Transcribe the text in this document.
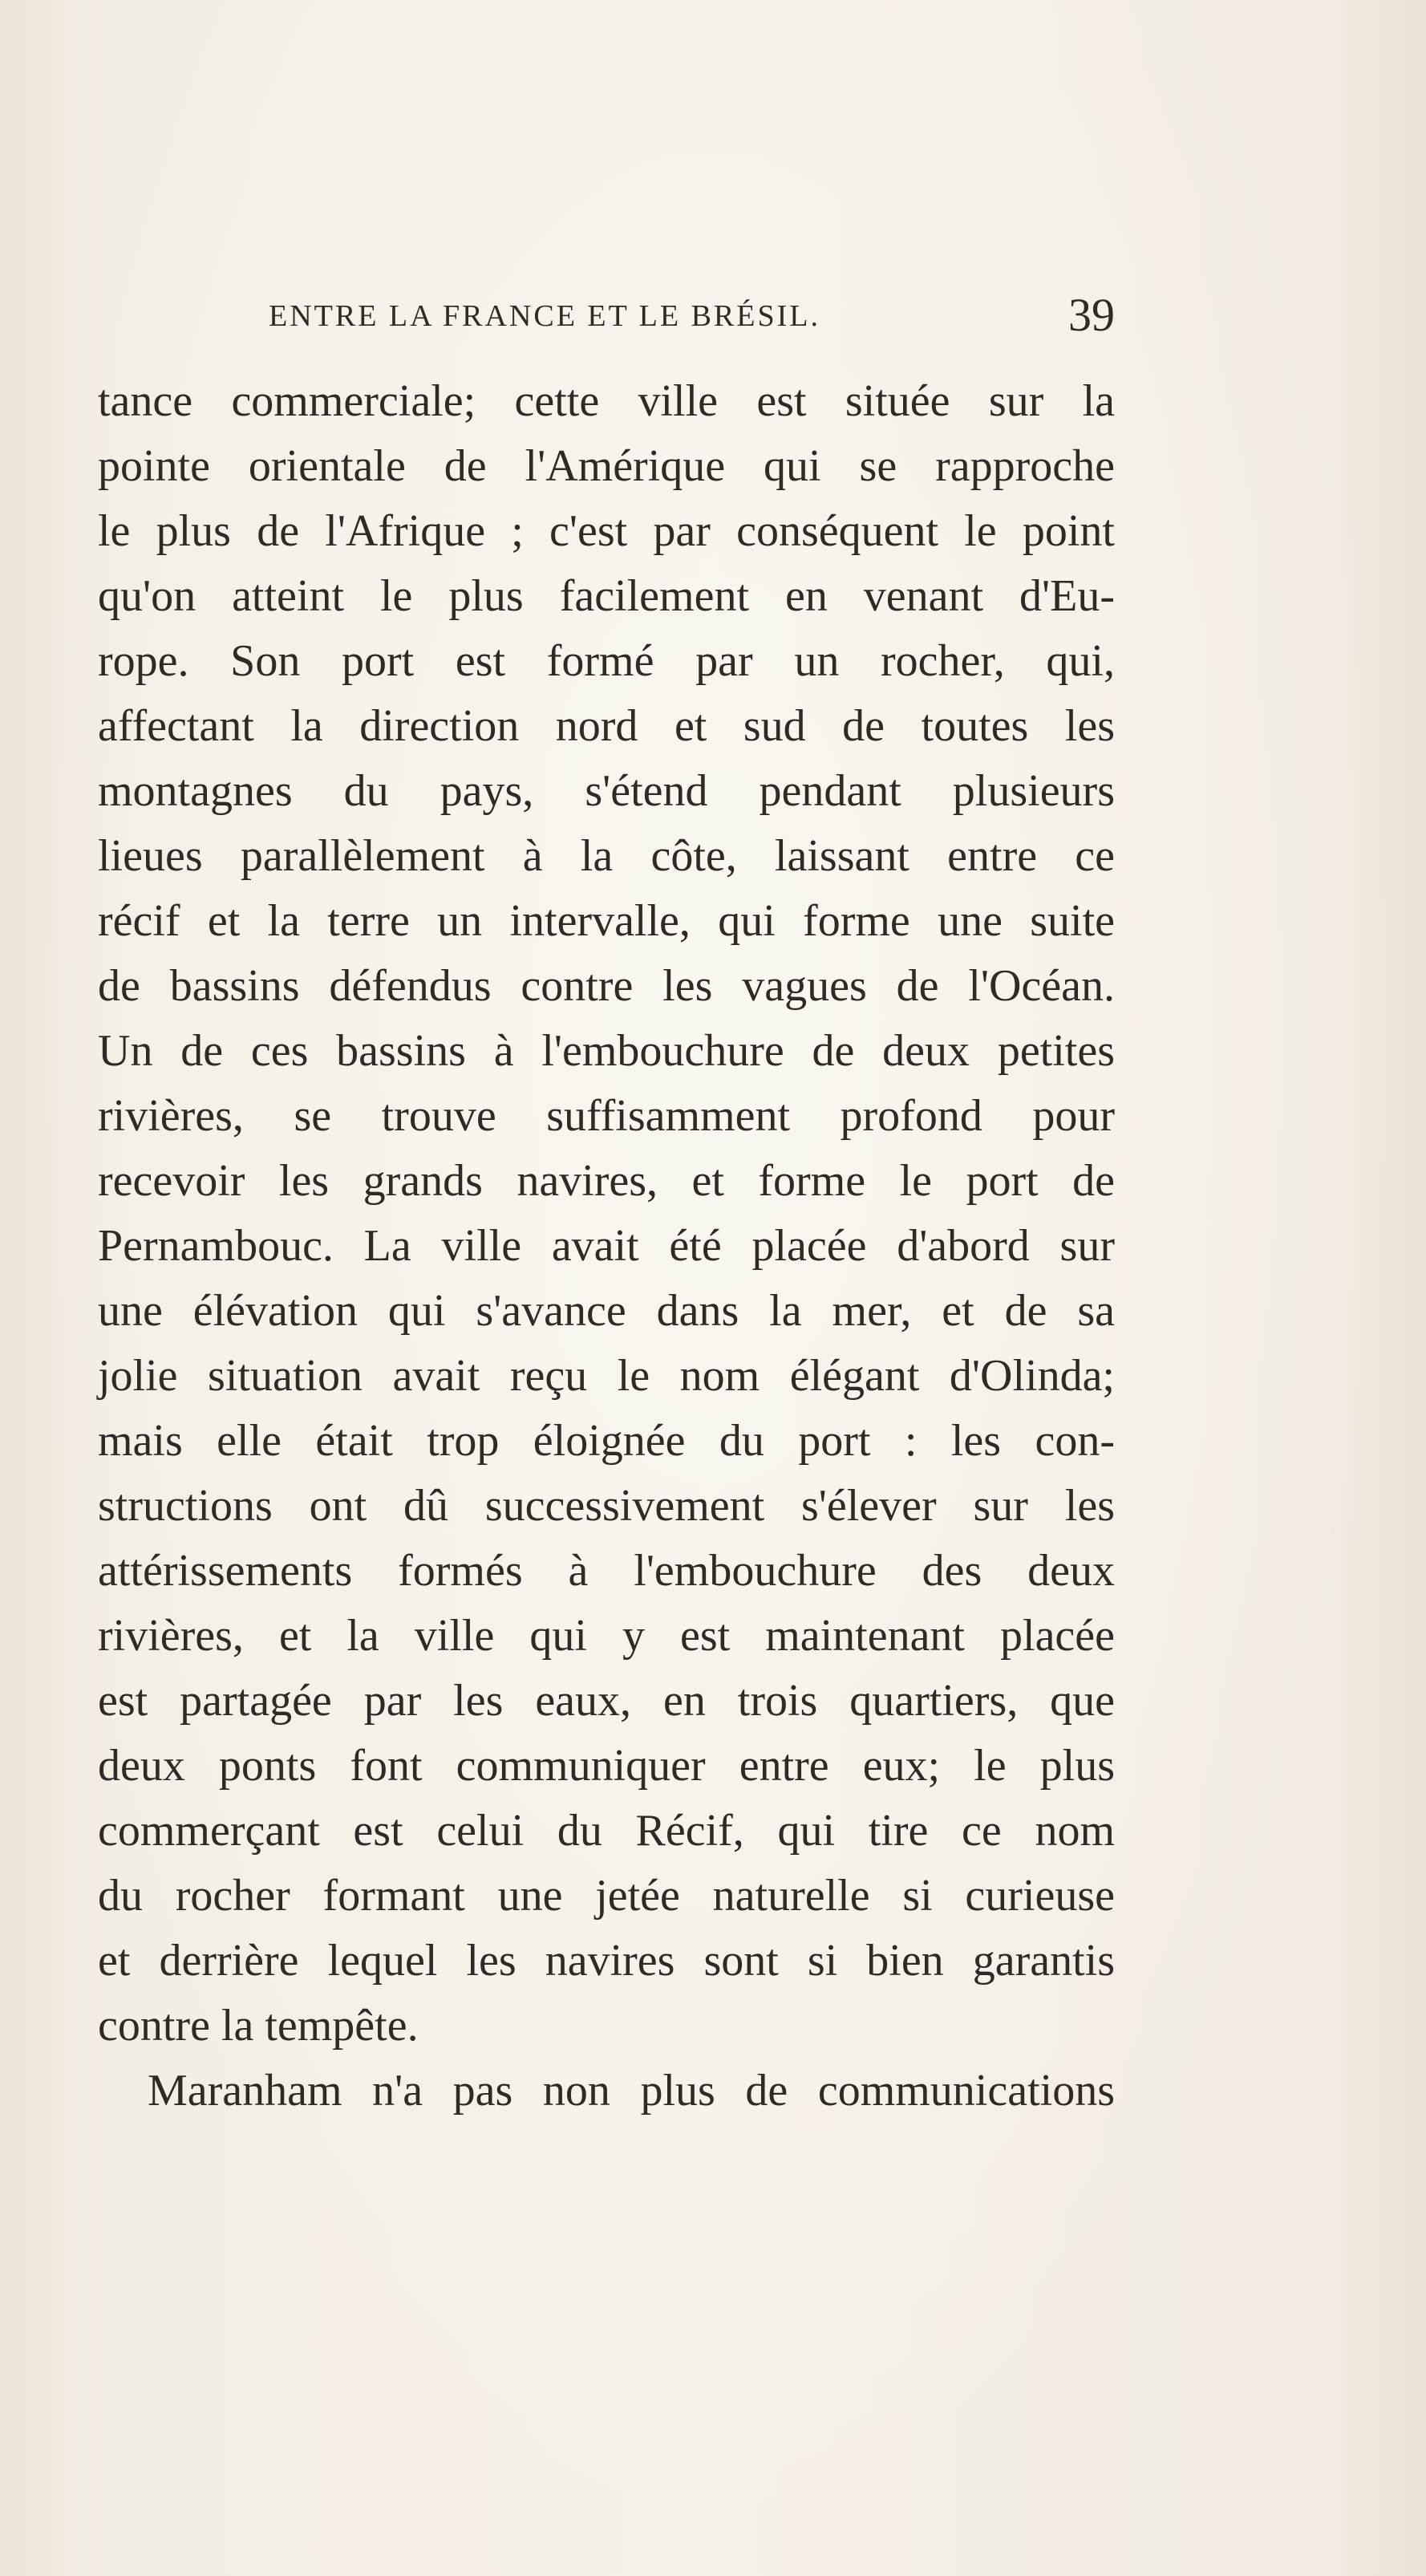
ENTRE LA FRANCE ET LE BRÉSIL.	39
tance commerciale; cette ville est située sur la
pointe orientale de l'Amérique qui se rapproche
le plus de l'Afrique ; c'est par conséquent le point
qu'on atteint le plus facilement en venant d'Eu-
rope. Son port est formé par un rocher, qui,
affectant la direction nord et sud de toutes les
montagnes du pays, s'étend pendant plusieurs
lieues parallèlement à la côte, laissant entre ce
récif et la terre un intervalle, qui forme une suite
de bassins défendus contre les vagues de l'Océan.
Un de ces bassins à l'embouchure de deux petites
rivières, se trouve suffisamment profond pour
recevoir les grands navires, et forme le port de
Pernambouc. La ville avait été placée d'abord sur
une élévation qui s'avance dans la mer, et de sa
jolie situation avait reçu le nom élégant d'Olinda;
mais elle était trop éloignée du port : les con-
structions ont dû successivement s'élever sur les
attérissements formés à l'embouchure des deux
rivières, et la ville qui y est maintenant placée
est partagée par les eaux, en trois quartiers, que
deux ponts font communiquer entre eux; le plus
commerçant est celui du Récif, qui tire ce nom
du rocher formant une jetée naturelle si curieuse
et derrière lequel les navires sont si bien garantis
contre la tempête.
Maranham n'a pas non plus de communications
